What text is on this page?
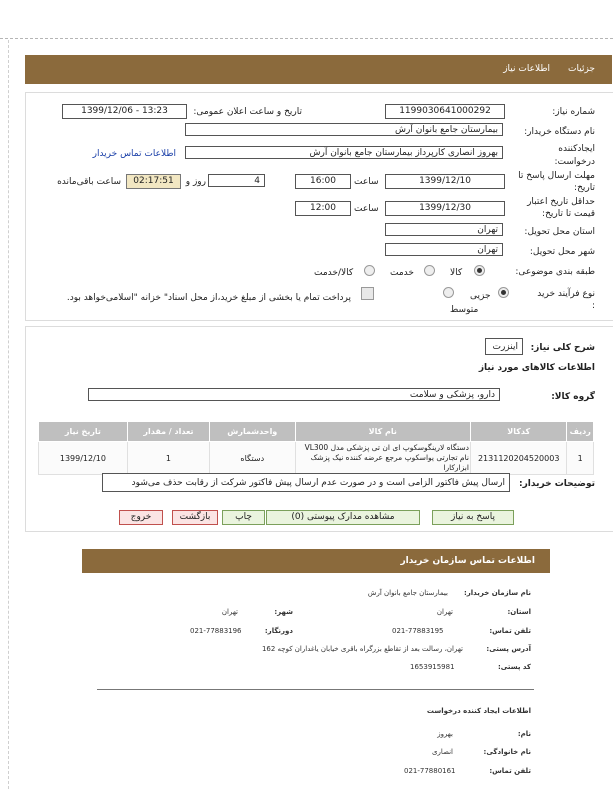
جزئیات
اطلاعات نیاز
شماره نیاز:
1199030641000292
تاریخ و ساعت اعلان عمومی:
1399/12/06 - 13:23
نام دستگاه خریدار:
بیمارستان جامع بانوان آرش
ایجادکننده درخواست:
بهروز انصاری کارپرداز بیمارستان جامع بانوان آرش
اطلاعات تماس خریدار
مهلت ارسال پاسخ تا تاریخ:
1399/12/10
ساعت
16:00
4
روز و
02:17:51
ساعت باقی‌مانده
حداقل تاریخ اعتبار قیمت تا تاریخ:
1399/12/30
ساعت
12:00
استان محل تحویل:
تهران
شهر محل تحویل:
تهران
طبقه بندی موضوعی:
کالا
خدمت
کالا/خدمت
نوع فرآیند خرید :
جزیی
متوسط
پرداخت تمام یا بخشی از مبلغ خرید،از محل اسناد" خزانه "اسلامی‌خواهد بود.
شرح کلی نیاز:
اینزرت
اطلاعات کالاهای مورد نیاز
گروه کالا:
دارو، پزشکی و سلامت
ردیف	کدکالا	نام کالا	واحدشمارش	تعداد / مقدار	تاریخ نیاز
1	2131120204520003	دستگاه لارینگوسکوپ ای ان تی پزشکی مدل VL300 نام تجارتی یواسکوپ مرجع عرضه کننده نیک پزشک ابزارکارا	دستگاه	1	1399/12/10
توضیحات خریدار:
ارسال پیش فاکتور الزامی است و در صورت عدم ارسال پیش فاکتور شرکت از رقابت حذف می‌شود
پاسخ به نیاز
مشاهده مدارک پیوستی (0)
چاپ
بازگشت
خروج
اطلاعات تماس سازمان خریدار
نام سازمان خریدار:
بیمارستان جامع بانوان آرش
استان:
تهران
شهر:
تهران
تلفن تماس:
021-77883195
دورنگار:
021-77883196
آدرس پستی:
تهران، رسالت بعد از تقاطع بزرگراه باقری خیابان یاغداران کوچه 162
کد پستی:
1653915981
اطلاعات ایجاد کننده درخواست
نام:
بهروز
نام خانوادگی:
انصاری
تلفن تماس:
021-77880161
